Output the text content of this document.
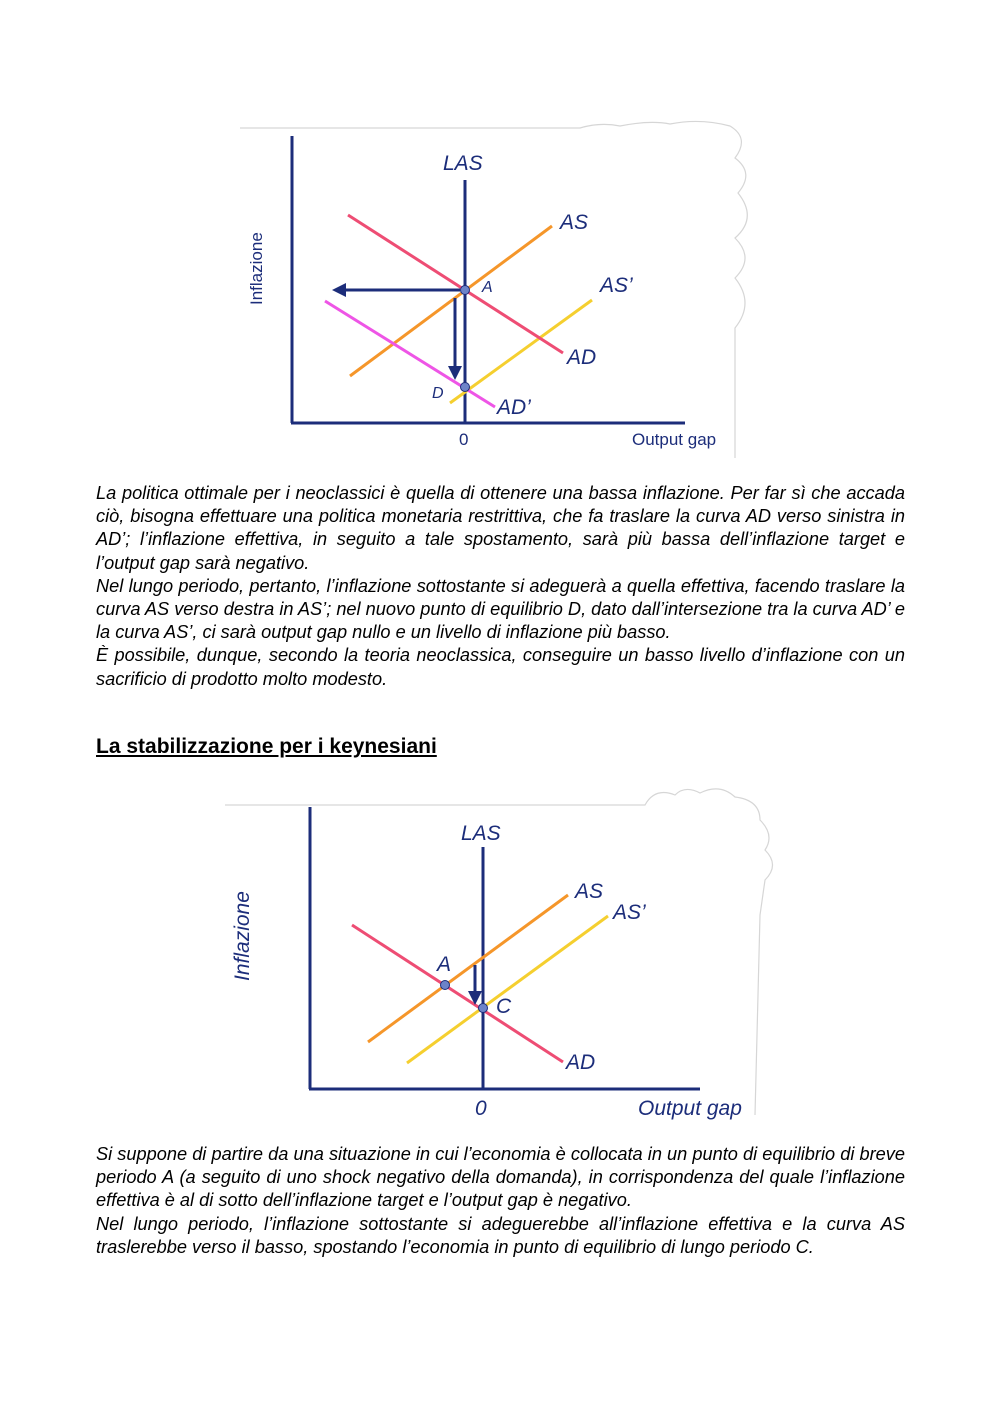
LAS
AS
AS’
AD
AD’
A
D
0	Output gap
Inflazione

La politica ottimale per i neoclassici è quella di ottenere una bassa inflazione. Per far sì che accada ciò, bisogna effettuare una politica monetaria restrittiva, che fa traslare la curva AD verso sinistra in AD’; l’inflazione effettiva, in seguito a tale spostamento, sarà più bassa dell’inflazione target e l’output gap sarà negativo.

Nel lungo periodo, pertanto, l’inflazione sottostante si adeguerà a quella effettiva, facendo traslare la curva AS verso destra in AS’; nel nuovo punto di equilibrio D, dato dall’intersezione tra la curva AD’ e la curva AS’, ci sarà output gap nullo e un livello di inflazione più basso.

È possibile, dunque, secondo la teoria neoclassica, conseguire un basso livello d’inflazione con un sacrificio di prodotto molto modesto.

La stabilizzazione per i keynesiani
LAS
AS
AS’
AD
A
C
0	Output gap
Inflazione

Si suppone di partire da una situazione in cui l’economia è collocata in un punto di equilibrio di breve periodo A (a seguito di uno shock negativo della domanda), in corrispondenza del quale l’inflazione effettiva è al di sotto dell’inflazione target e l’output gap è negativo.

Nel lungo periodo, l’inflazione sottostante si adeguerebbe all’inflazione effettiva e la curva AS traslerebbe verso il basso, spostando l’economia in punto di equilibrio di lungo periodo C.
